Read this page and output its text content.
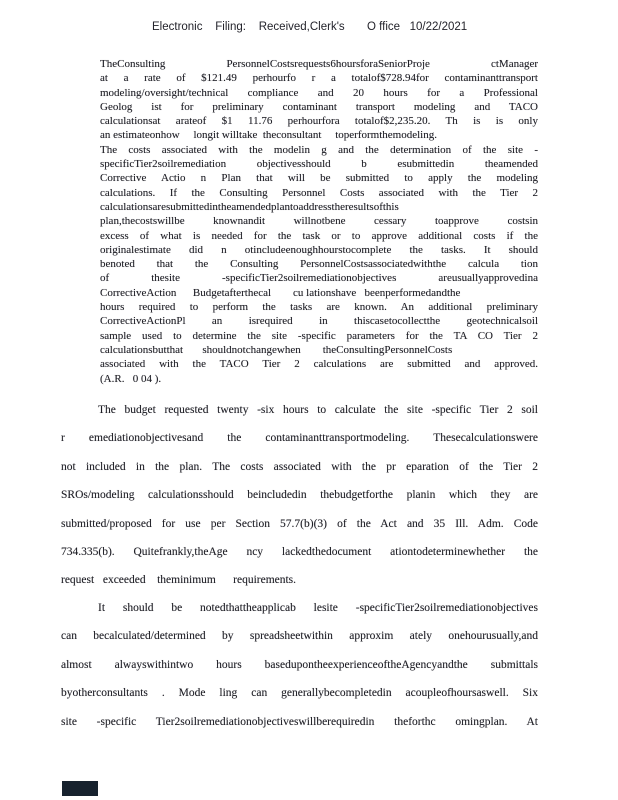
Electronic    Filing:    Received,Clerk's       O ffice   10/22/2021
TheConsulting PersonnelCostsrequests6hoursforaSeniorProje ctManager
at a rate of $121.49 perhourfo r a totalof$728.94for contaminanttransport
modeling/oversight/technical compliance and 20 hours for a Professional
Geolog ist for preliminary contaminant transport modeling and TACO
calculationsat arateof $1 11.76 perhourfora totalof$2,235.20. Th is is only
an estimateonhow     longit willtake  theconsultant     toperformthemodeling.
The costs associated with the modelin g and the determination of the site -
specificTier2soilremediation objectivesshould b esubmittedin theamended
Corrective Actio n Plan that will be submitted to apply the modeling
calculations. If the Consulting Personnel Costs associated with the Tier 2
calculationsaresubmittedintheamendedplantoaddresstheresultsofthis
plan,thecostswillbe knownandit willnotbene cessary toapprove costsin
excess of what is needed for the task or to approve additional costs if the
originalestimate did n otincludeenoughhourstocomplete the tasks. It should
benoted that the Consulting PersonnelCostsassociatedwiththe calcula tion
of thesite -specificTier2soilremediationobjectives areusuallyapprovedina
CorrectiveAction      Budgetafterthecal        cu lationshave   beenperformedandthe
hours required to perform the tasks are known. An additional preliminary
CorrectiveActionPl an isrequired in thiscasetocollectthe geotechnicalsoil
sample used to determine the site -specific parameters for the TA CO Tier 2
calculationsbutthat       shouldnotchangewhen        theConsultingPersonnelCosts
associated with the TACO Tier 2 calculations are submitted and approved.
(A.R.   0 04 ).
The budget requested twenty -six hours to calculate the site -specific Tier 2 soil
r emediationobjectivesand the contaminanttransportmodeling. Thesecalculationswere
not included in the plan. The costs associated with the pr eparation of the Tier 2
SROs/modeling calculationsshould beincludedin thebudgetforthe planin which they are
submitted/proposed for use per Section 57.7(b)(3) of the Act and 35 Ill. Adm. Code
734.335(b). Quitefrankly,theAge ncy lackedthedocument ationtodeterminewhether the
request   exceeded    theminimum      requirements.
It should be notedthattheapplicab lesite -specificTier2soilremediationobjectives
can becalculated/determined by spreadsheetwithin approxim ately onehourusually,and
almost alwayswithintwo hours basedupontheexperienceoftheAgencyandthe submittals
byotherconsultants . Mode ling can generallybecompletedin acoupleofhoursaswell. Six
site -specific Tier2soilremediationobjectiveswillberequiredin theforthc omingplan. At
